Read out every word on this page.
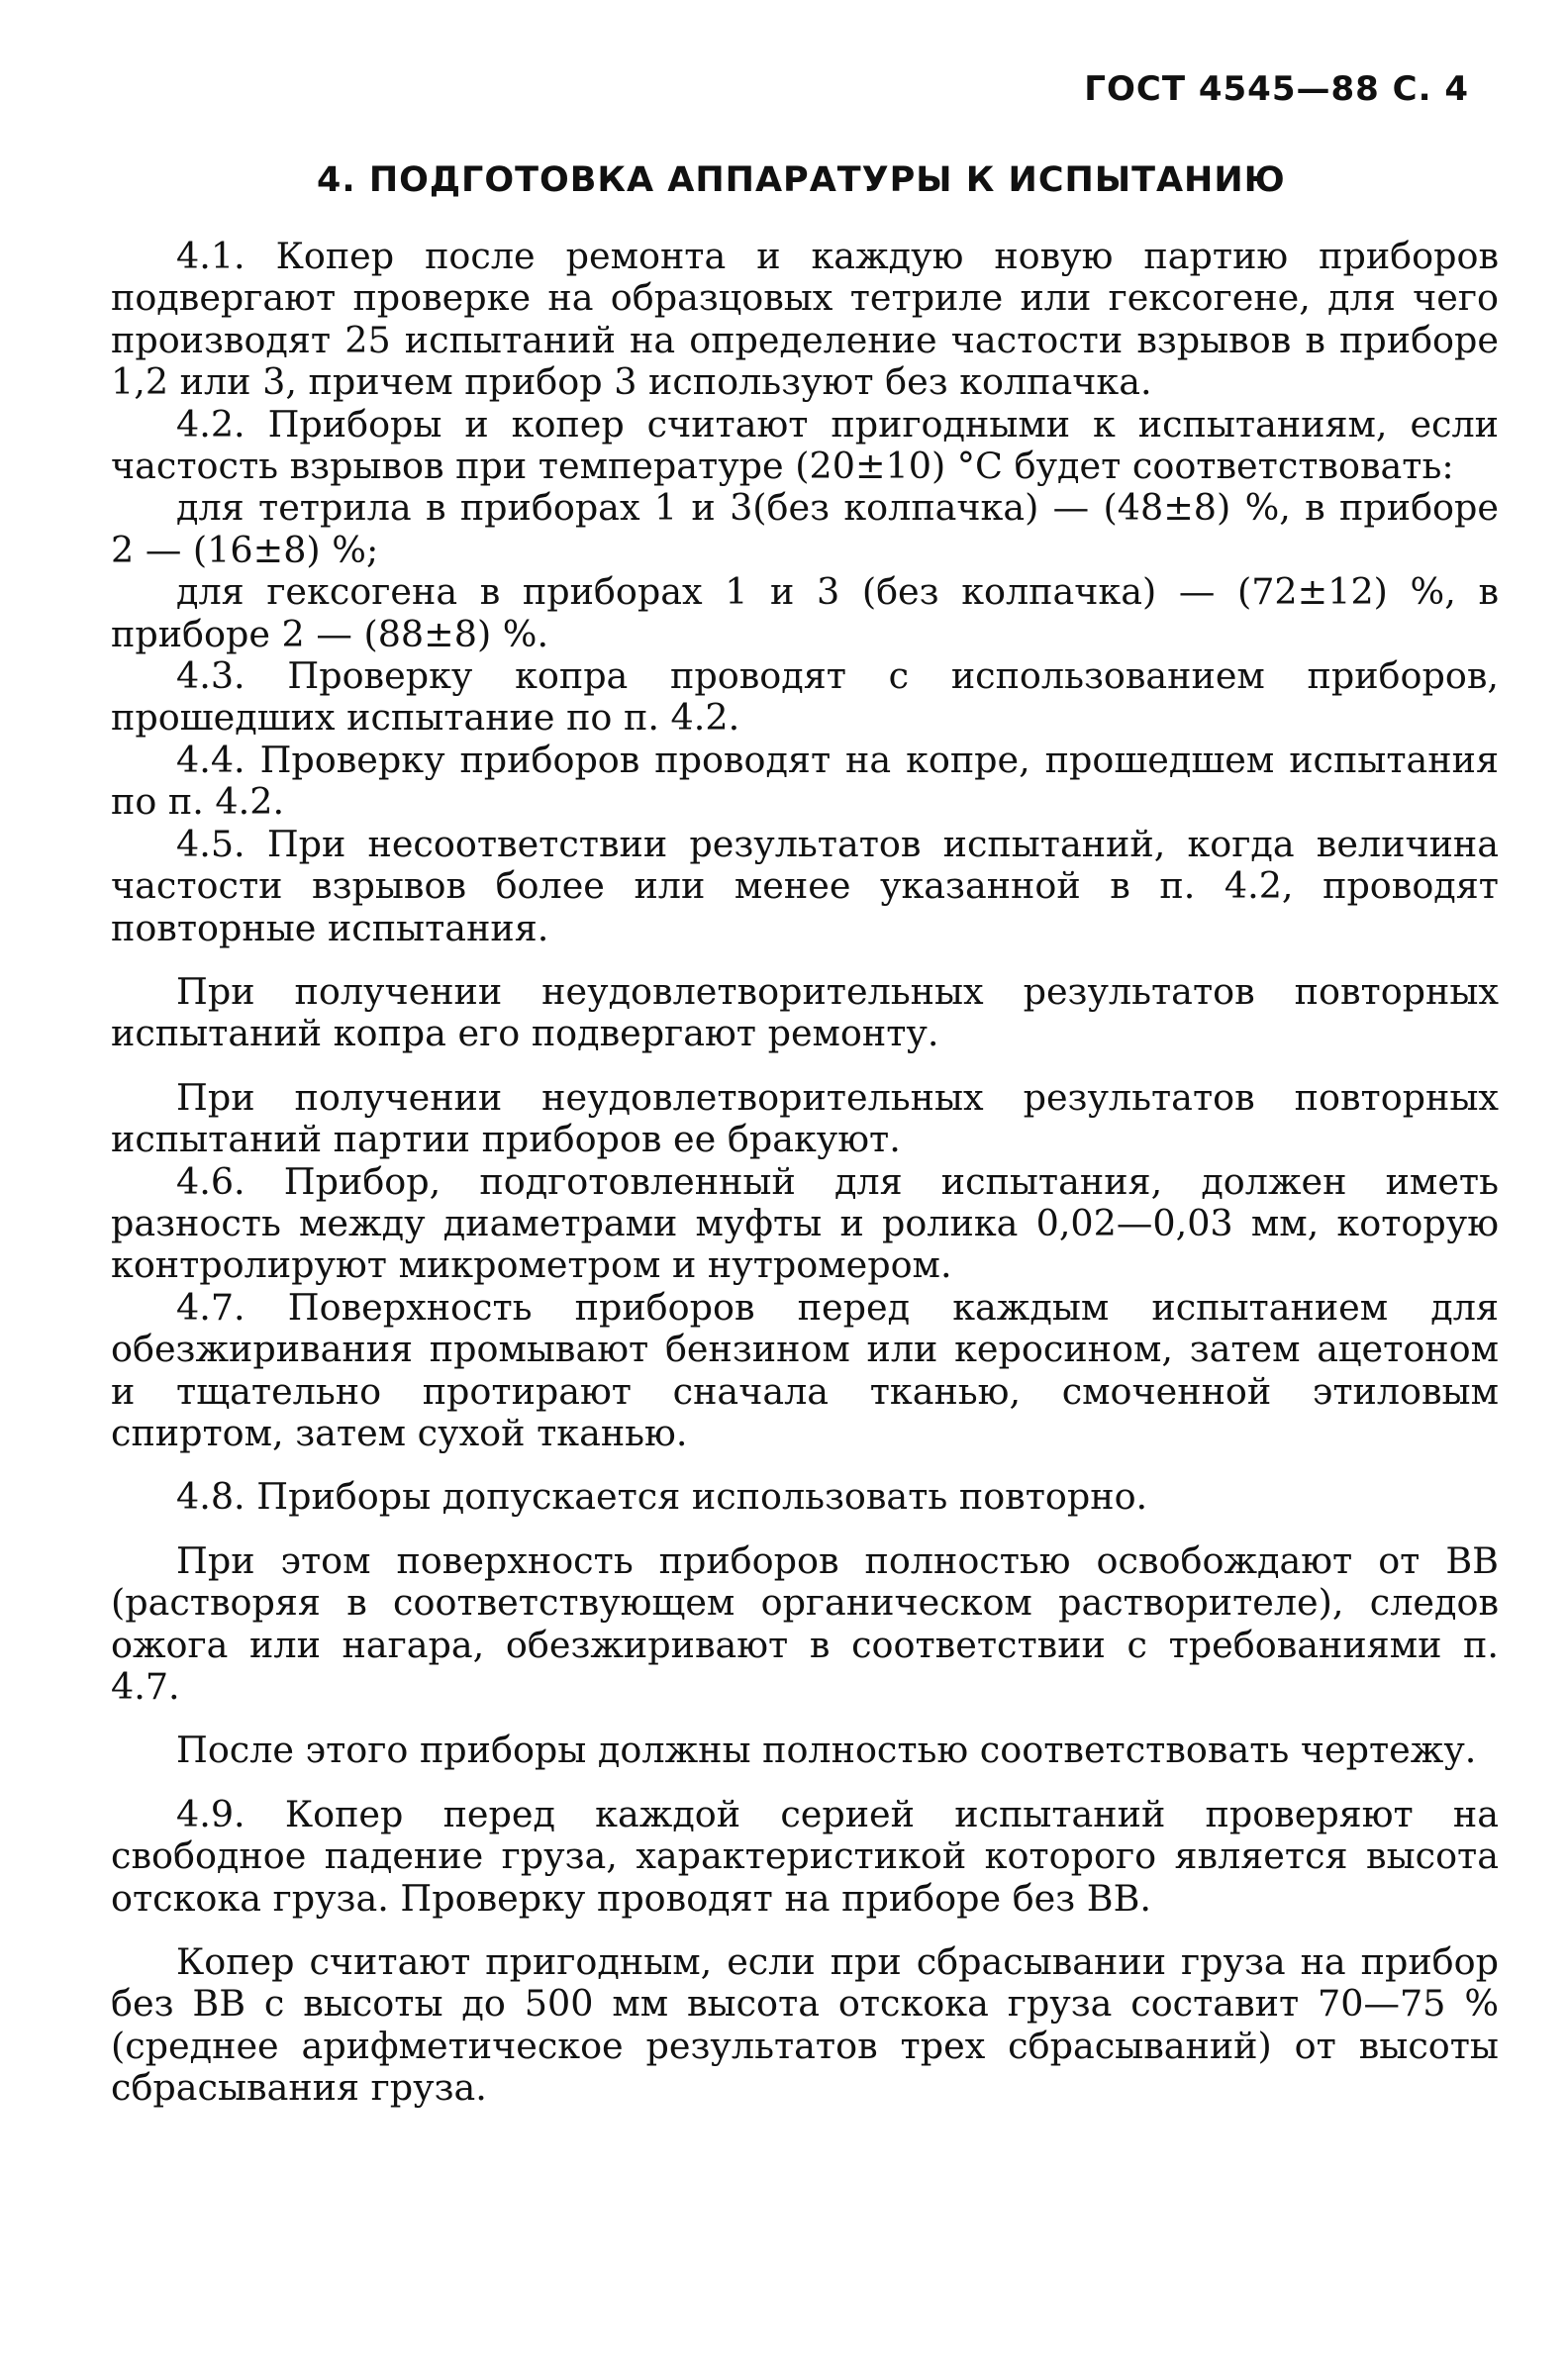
ГОСТ 4545—88 С. 4
4. ПОДГОТОВКА АППАРАТУРЫ К ИСПЫТАНИЮ

4.1. Копер после ремонта и каждую новую партию приборов подвергают проверке на образцовых тетриле или гексогене, для чего производят 25 испытаний на определение частости взрывов в приборе 1,2 или 3, причем прибор 3 используют без колпачка.

4.2. Приборы и копер считают пригодными к испытаниям, если частость взрывов при температуре (20±10) °С будет соответствовать:

для тетрила в приборах 1 и 3(без колпачка) — (48±8) %, в приборе 2 — (16±8) %;

для гексогена в приборах 1 и 3 (без колпачка) — (72±12) %, в приборе 2 — (88±8) %.

4.3. Проверку копра проводят с использованием приборов, прошедших испытание по п. 4.2.

4.4. Проверку приборов проводят на копре, прошедшем испытания по п. 4.2.

4.5. При несоответствии результатов испытаний, когда величина частости взрывов более или менее указанной в п. 4.2, проводят повторные испытания.

При получении неудовлетворительных результатов повторных испытаний копра его подвергают ремонту.

При получении неудовлетворительных результатов повторных испытаний партии приборов ее бракуют.

4.6. Прибор, подготовленный для испытания, должен иметь разность между диаметрами муфты и ролика 0,02—0,03 мм, которую контролируют микрометром и нутромером.

4.7. Поверхность приборов перед каждым испытанием для обезжиривания промывают бензином или керосином, затем ацетоном и тщательно протирают сначала тканью, смоченной этиловым спиртом, затем сухой тканью.

4.8. Приборы допускается использовать повторно.

При этом поверхность приборов полностью освобождают от ВВ (растворяя в соответствующем органическом растворителе), следов ожога или нагара, обезжиривают в соответствии с требованиями п. 4.7.

После этого приборы должны полностью соответствовать чертежу.

4.9. Копер перед каждой серией испытаний проверяют на свободное падение груза, характеристикой которого является высота отскока груза. Проверку проводят на приборе без ВВ.

Копер считают пригодным, если при сбрасывании груза на прибор без ВВ с высоты до 500 мм высота отскока груза составит 70—75 % (среднее арифметическое результатов трех сбрасываний) от высоты сбрасывания груза.
